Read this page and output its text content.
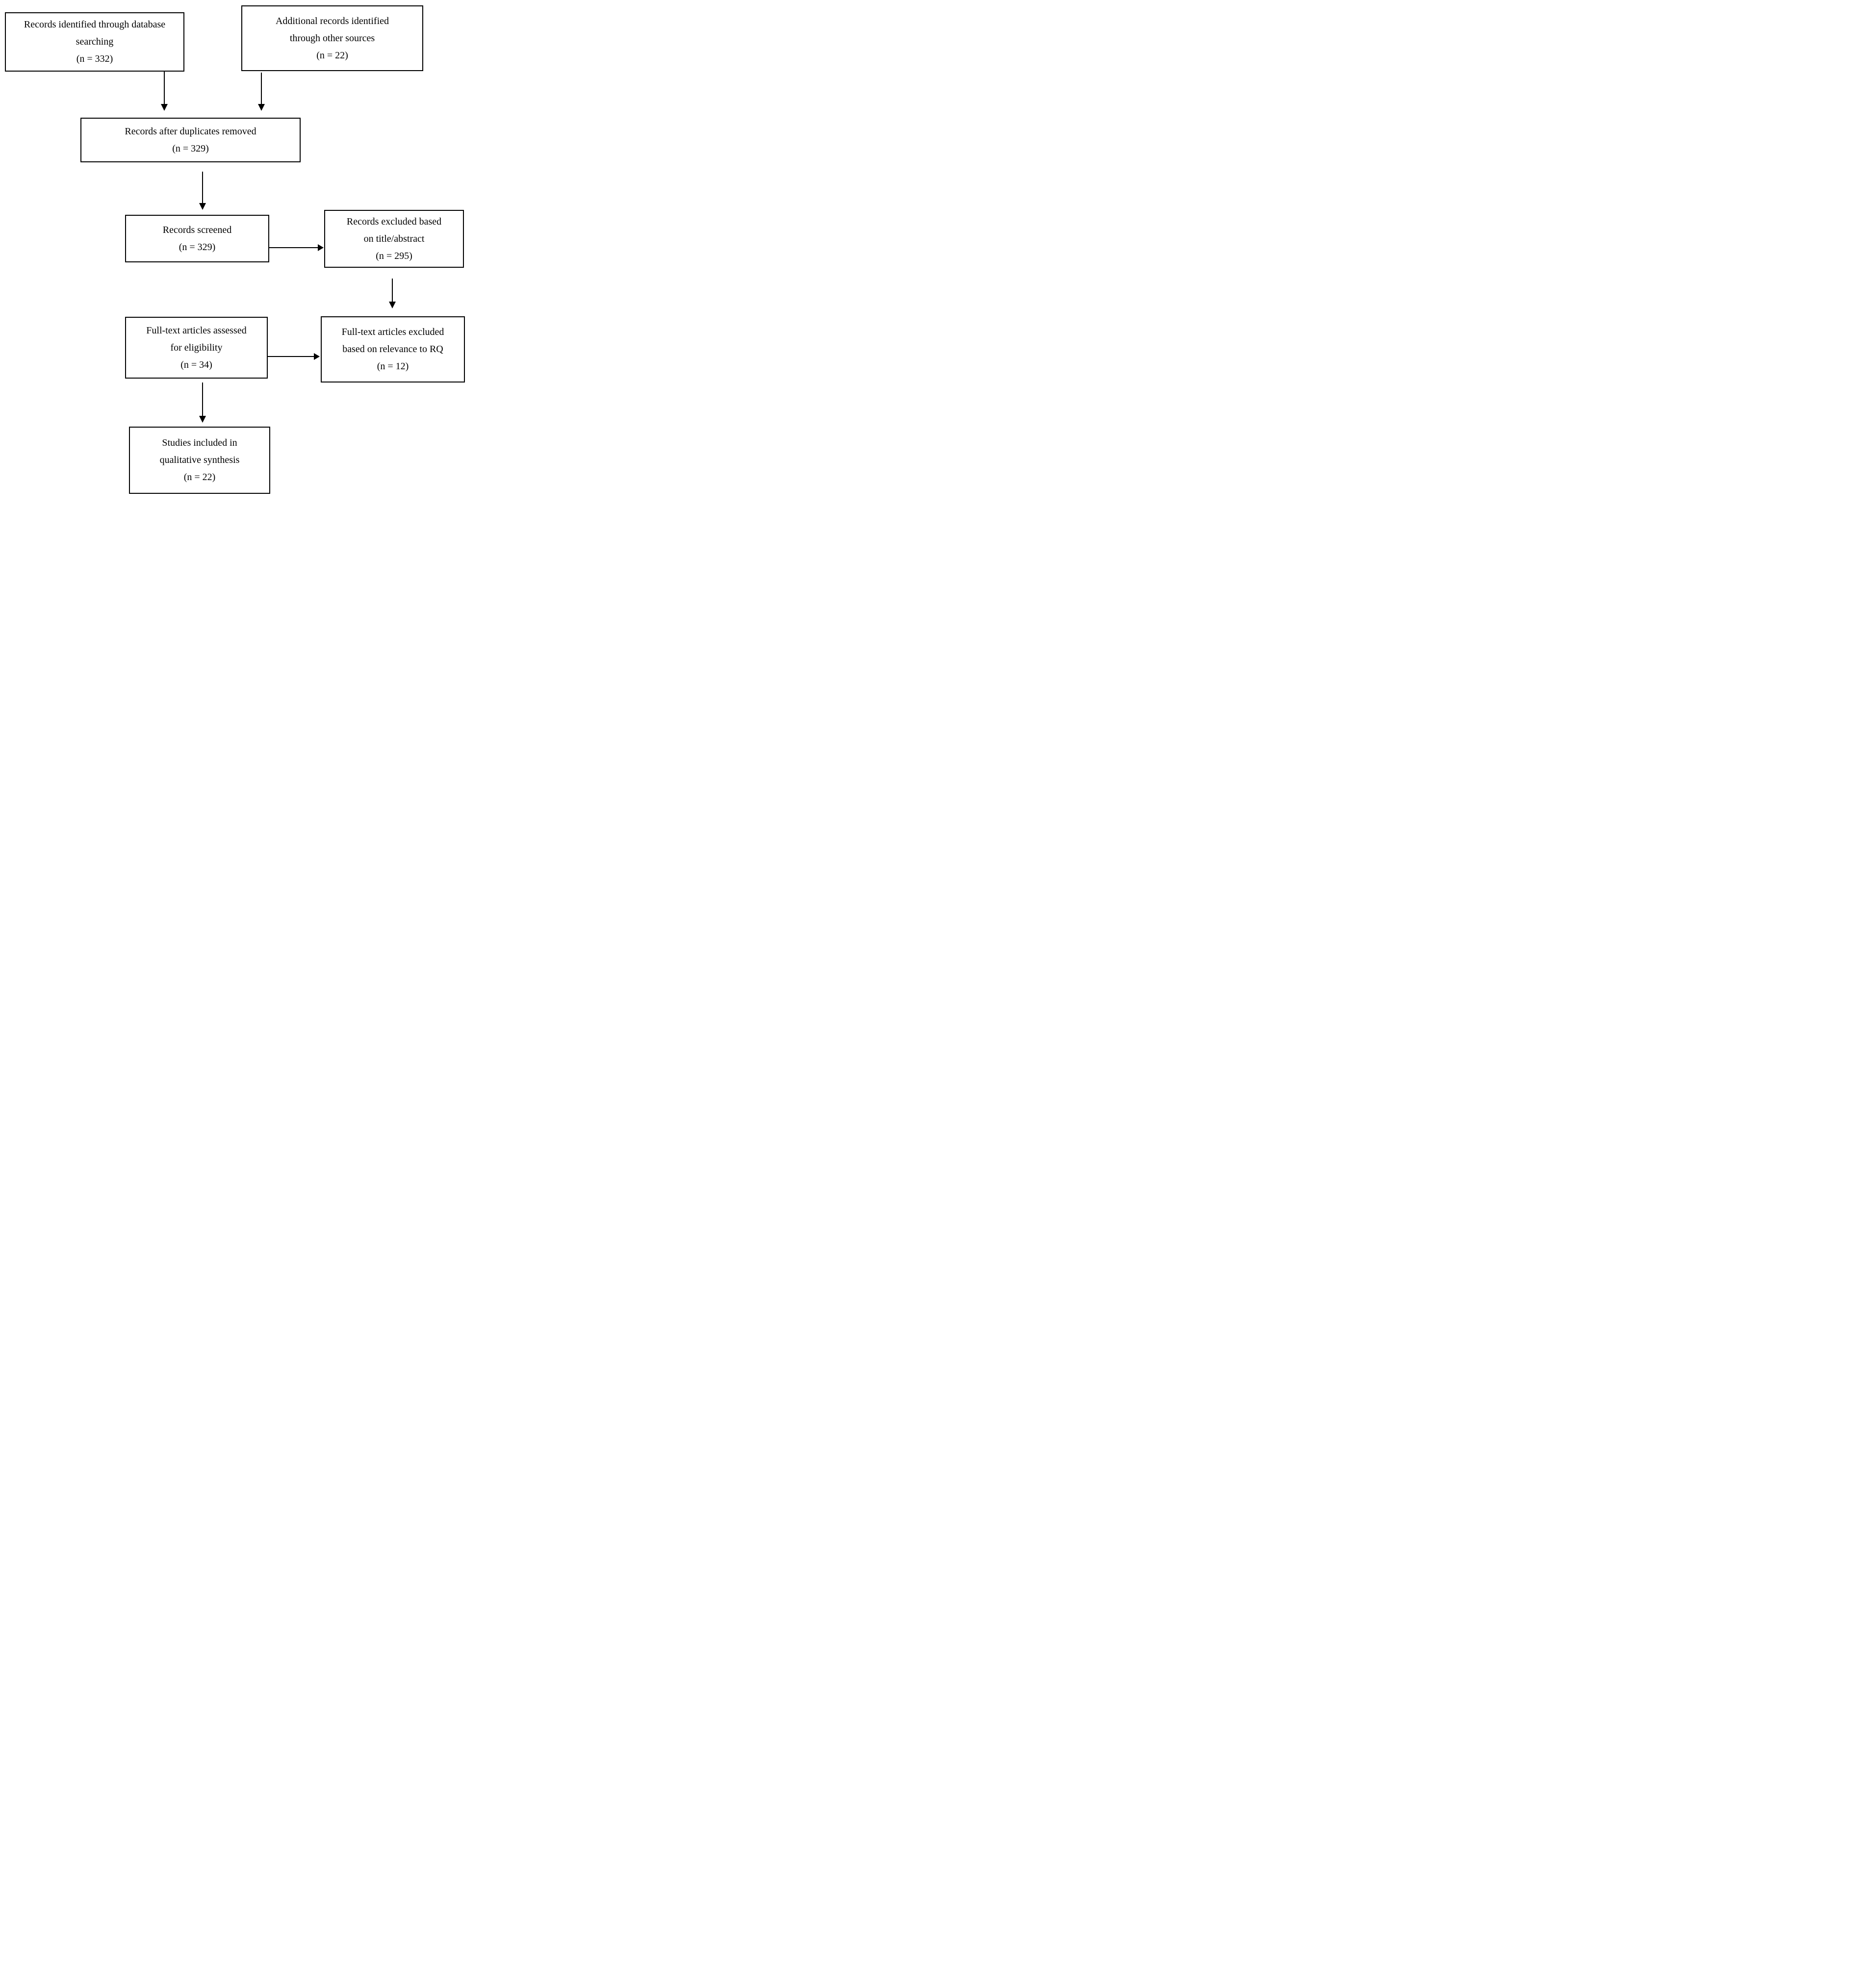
Records identified through database
searching
(n = 332)
Additional records identified
through other sources
(n = 22)
Records after duplicates removed
(n = 329)
Records screened
(n = 329)
Records excluded based
on title/abstract
(n = 295)
Full-text articles excluded
based on relevance to RQ
(n = 12)
Full-text articles assessed
for eligibility
(n = 34)
Studies included in
qualitative synthesis
(n = 22)
